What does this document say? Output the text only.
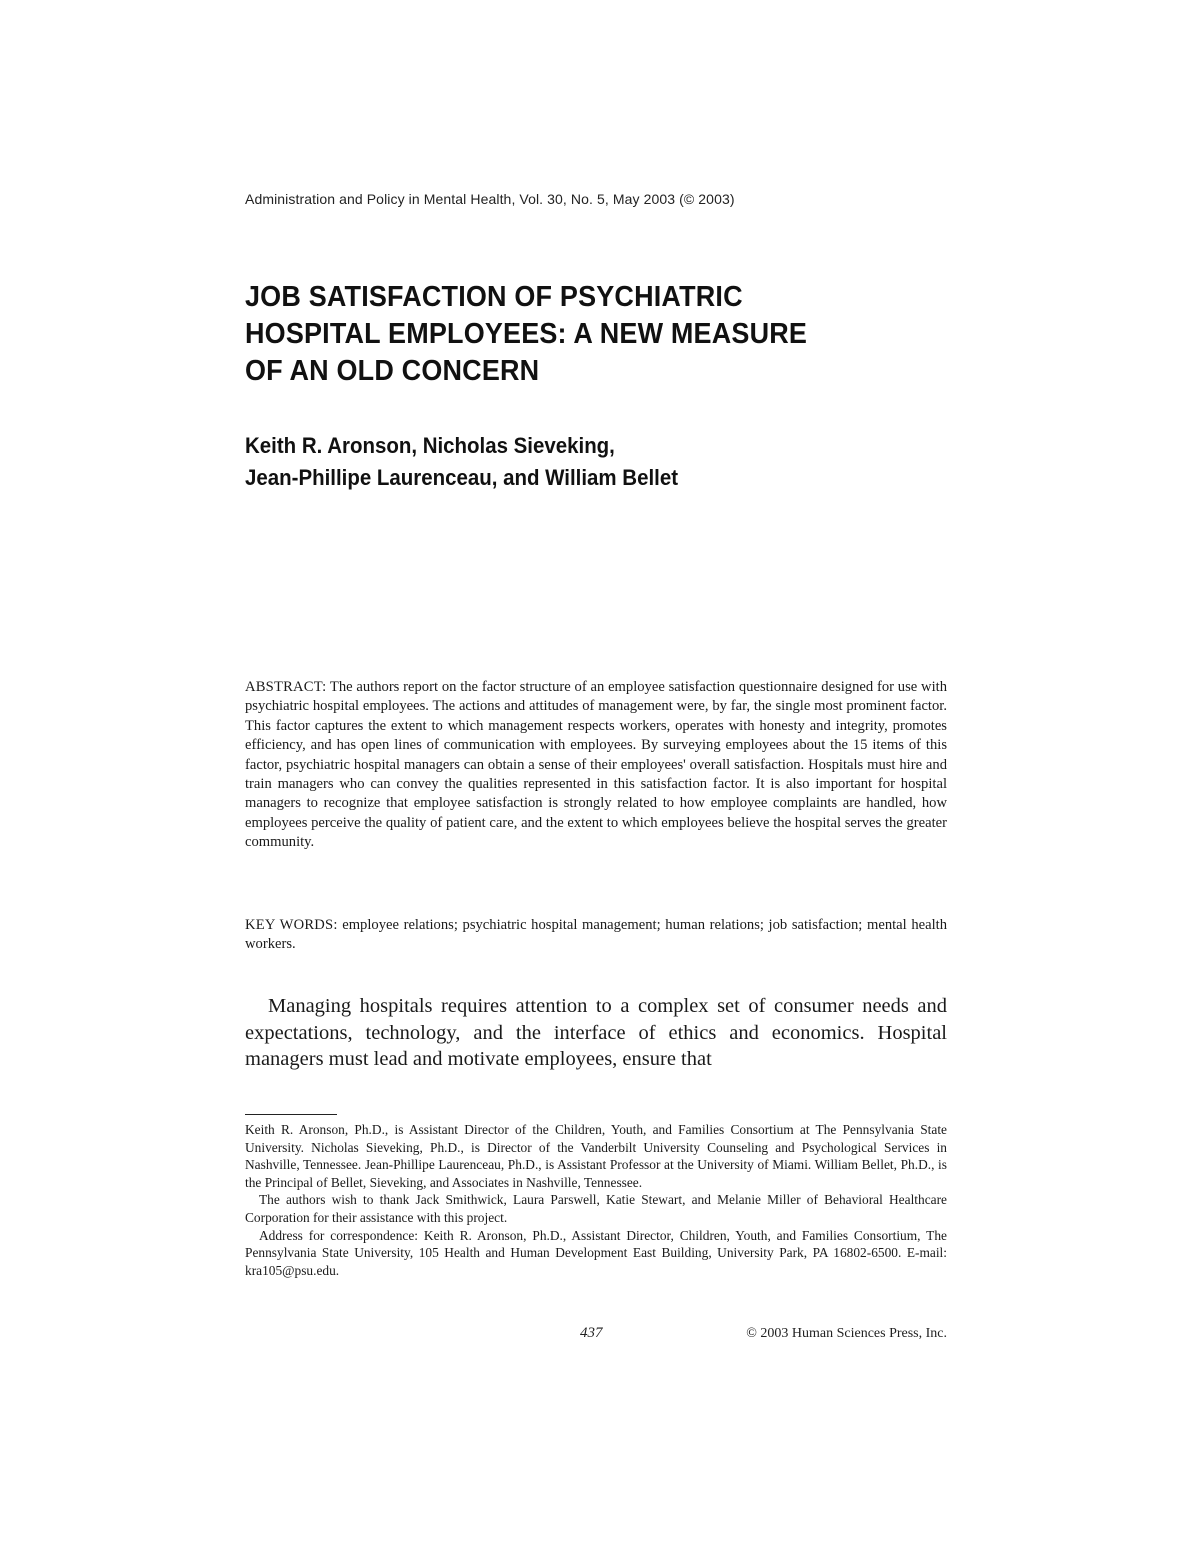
Administration and Policy in Mental Health, Vol. 30, No. 5, May 2003 (© 2003)
JOB SATISFACTION OF PSYCHIATRIC
HOSPITAL EMPLOYEES: A NEW MEASURE
OF AN OLD CONCERN
Keith R. Aronson, Nicholas Sieveking,
Jean-Phillipe Laurenceau, and William Bellet
ABSTRACT: The authors report on the factor structure of an employee satisfaction questionnaire designed for use with psychiatric hospital employees. The actions and attitudes of management were, by far, the single most prominent factor. This factor captures the extent to which management respects workers, operates with honesty and integrity, promotes efficiency, and has open lines of communication with employees. By surveying employees about the 15 items of this factor, psychiatric hospital managers can obtain a sense of their employees' overall satisfaction. Hospitals must hire and train managers who can convey the qualities represented in this satisfaction factor. It is also important for hospital managers to recognize that employee satisfaction is strongly related to how employee complaints are handled, how employees perceive the quality of patient care, and the extent to which employees believe the hospital serves the greater community.
KEY WORDS: employee relations; psychiatric hospital management; human relations; job satisfaction; mental health workers.

Managing hospitals requires attention to a complex set of consumer needs and expectations, technology, and the interface of ethics and economics. Hospital managers must lead and motivate employees, ensure that

Keith R. Aronson, Ph.D., is Assistant Director of the Children, Youth, and Families Consortium at The Pennsylvania State University. Nicholas Sieveking, Ph.D., is Director of the Vanderbilt University Counseling and Psychological Services in Nashville, Tennessee. Jean-Phillipe Laurenceau, Ph.D., is Assistant Professor at the University of Miami. William Bellet, Ph.D., is the Principal of Bellet, Sieveking, and Associates in Nashville, Tennessee.

The authors wish to thank Jack Smithwick, Laura Parswell, Katie Stewart, and Melanie Miller of Behavioral Healthcare Corporation for their assistance with this project.

Address for correspondence: Keith R. Aronson, Ph.D., Assistant Director, Children, Youth, and Families Consortium, The Pennsylvania State University, 105 Health and Human Development East Building, University Park, PA 16802-6500. E-mail: kra105@psu.edu.

437	© 2003 Human Sciences Press, Inc.
